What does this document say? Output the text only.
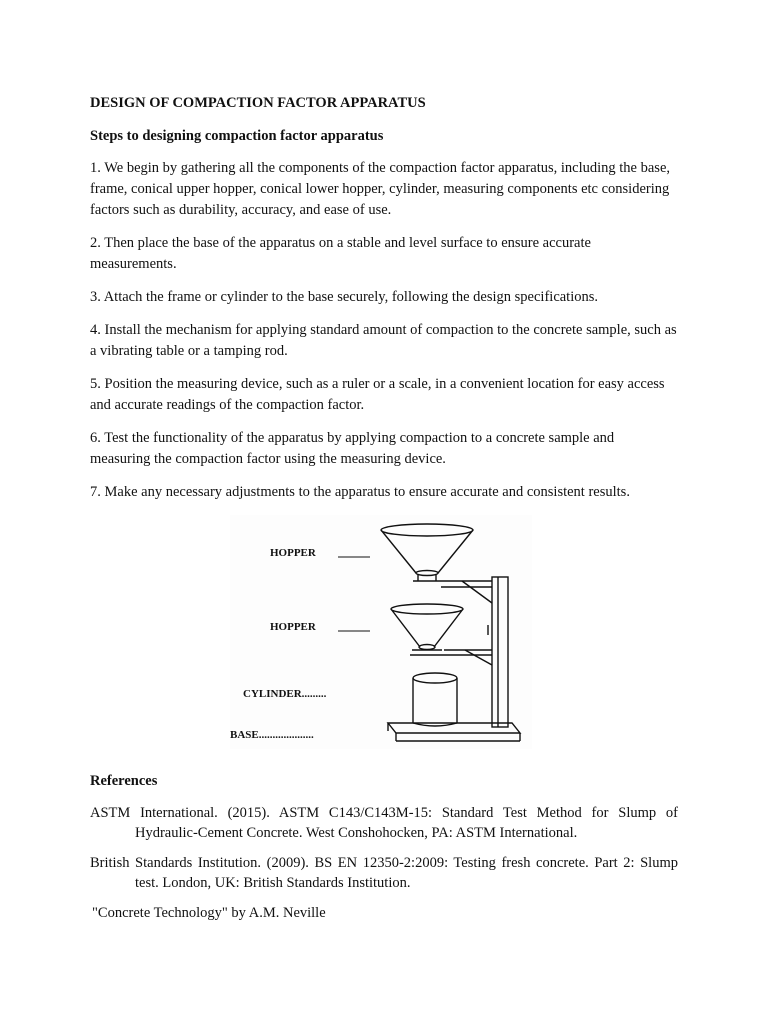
DESIGN OF COMPACTION FACTOR APPARATUS

Steps to designing compaction factor apparatus

1. We begin by gathering all the components of the compaction factor apparatus, including the base, frame, conical upper hopper, conical lower hopper, cylinder, measuring components etc considering factors such as durability, accuracy, and ease of use.

2. Then place the base of the apparatus on a stable and level surface to ensure accurate measurements.

3. Attach the frame or cylinder to the base securely, following the design specifications.

4. Install the mechanism for applying standard amount of compaction to the concrete sample, such as a vibrating table or a tamping rod.

5. Position the measuring device, such as a ruler or a scale, in a convenient location for easy access and accurate readings of the compaction factor.

6. Test the functionality of the apparatus by applying compaction to a concrete sample and measuring the compaction factor using the measuring device.

7. Make any necessary adjustments to the apparatus to ensure accurate and consistent results.

HOPPER
HOPPER
CYLINDER.........
BASE....................

References

ASTM International. (2015). ASTM C143/C143M-15: Standard Test Method for Slump of Hydraulic-Cement Concrete. West Conshohocken, PA: ASTM International.

British Standards Institution. (2009). BS EN 12350-2:2009: Testing fresh concrete. Part 2: Slump test. London, UK: British Standards Institution.

"Concrete Technology" by A.M. Neville
